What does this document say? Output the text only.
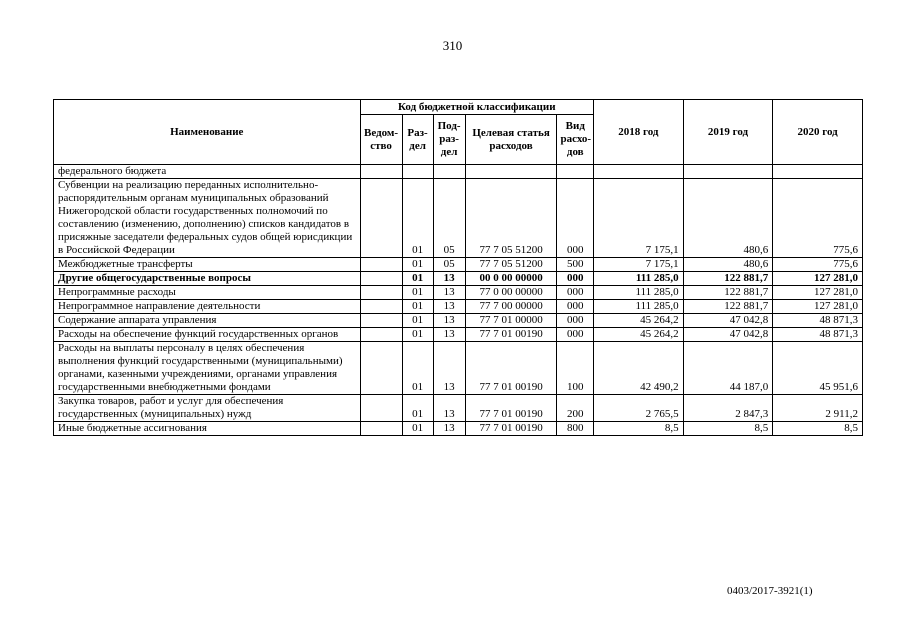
310
Наименование	Код бюджетной классификации					2018 год	2019 год	2020 год
	Ведом-ство	Раз-дел	Под-раз-дел	Целевая статья расходов	Вид расхо-дов			
федерального бюджета								
Субвенции на реализацию переданных исполнительно-распорядительным органам муниципальных образований Нижегородской области государственных полномочий по составлению (изменению, дополнению) списков кандидатов в присяжные заседатели федеральных судов общей юрисдикции в Российской Федерации		01	05	77 7 05 51200	000	7 175,1	480,6	775,6
Межбюджетные трансферты		01	05	77 7 05 51200	500	7 175,1	480,6	775,6
Другие общегосударственные вопросы		01	13	00 0 00 00000	000	111 285,0	122 881,7	127 281,0
Непрограммные расходы		01	13	77 0 00 00000	000	111 285,0	122 881,7	127 281,0
Непрограммное направление деятельности		01	13	77 7 00 00000	000	111 285,0	122 881,7	127 281,0
Содержание аппарата управления		01	13	77 7 01 00000	000	45 264,2	47 042,8	48 871,3
Расходы на обеспечение функций государственных органов		01	13	77 7 01 00190	000	45 264,2	47 042,8	48 871,3
Расходы на выплаты персоналу в целях обеспечения выполнения функций государственными (муниципальными) органами, казенными учреждениями, органами управления государственными внебюджетными фондами		01	13	77 7 01 00190	100	42 490,2	44 187,0	45 951,6
Закупка товаров, работ и услуг для обеспечения государственных (муниципальных) нужд		01	13	77 7 01 00190	200	2 765,5	2 847,3	2 911,2
Иные бюджетные ассигнования		01	13	77 7 01 00190	800	8,5	8,5	8,5
0403/2017-3921(1)
